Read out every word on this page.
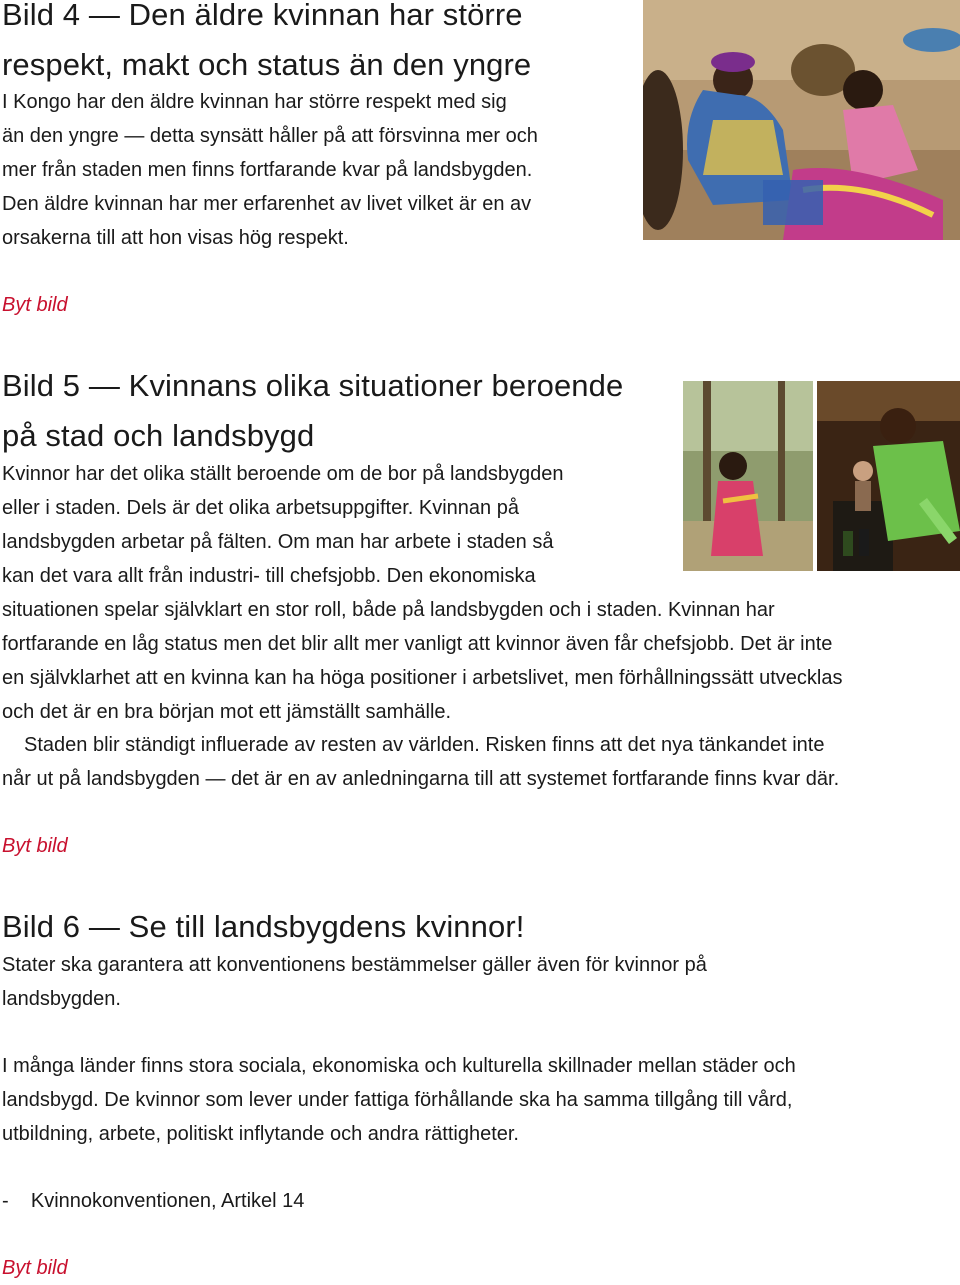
Bild 4 — Den äldre kvinnan har större
respekt, makt och status än den yngre
I Kongo har den äldre kvinnan har större respekt med sig
än den yngre — detta synsätt håller på att försvinna mer och
mer från staden men finns fortfarande kvar på landsbygden.
Den äldre kvinnan har mer erfarenhet av livet vilket är en av
orsakerna till att hon visas hög respekt.
Byt bild
Bild 5 — Kvinnans olika situationer beroende
på stad och landsbygd
Kvinnor har det olika ställt beroende om de bor på landsbygden
eller i staden. Dels är det olika arbetsuppgifter. Kvinnan på
landsbygden arbetar på fälten. Om man har arbete i staden så
kan det vara allt från industri- till chefsjobb. Den ekonomiska
situationen spelar självklart en stor roll, både på landsbygden och i staden. Kvinnan har
fortfarande en låg status men det blir allt mer vanligt att kvinnor även får chefsjobb. Det är inte
en självklarhet att en kvinna kan ha höga positioner i arbetslivet, men förhållningssätt utvecklas
och det är en bra början mot ett jämställt samhälle.
Staden blir ständigt influerade av resten av världen. Risken finns att det nya tänkandet inte
når ut på landsbygden — det är en av anledningarna till att systemet fortfarande finns kvar där.
Byt bild
Bild 6 — Se till landsbygdens kvinnor!
Stater ska garantera att konventionens bestämmelser gäller även för kvinnor på
landsbygden.
I många länder finns stora sociala, ekonomiska och kulturella skillnader mellan städer och
landsbygd. De kvinnor som lever under fattiga förhållande ska ha samma tillgång till vård,
utbildning, arbete, politiskt inflytande och andra rättigheter.
-    Kvinnokonventionen, Artikel 14
Byt bild
